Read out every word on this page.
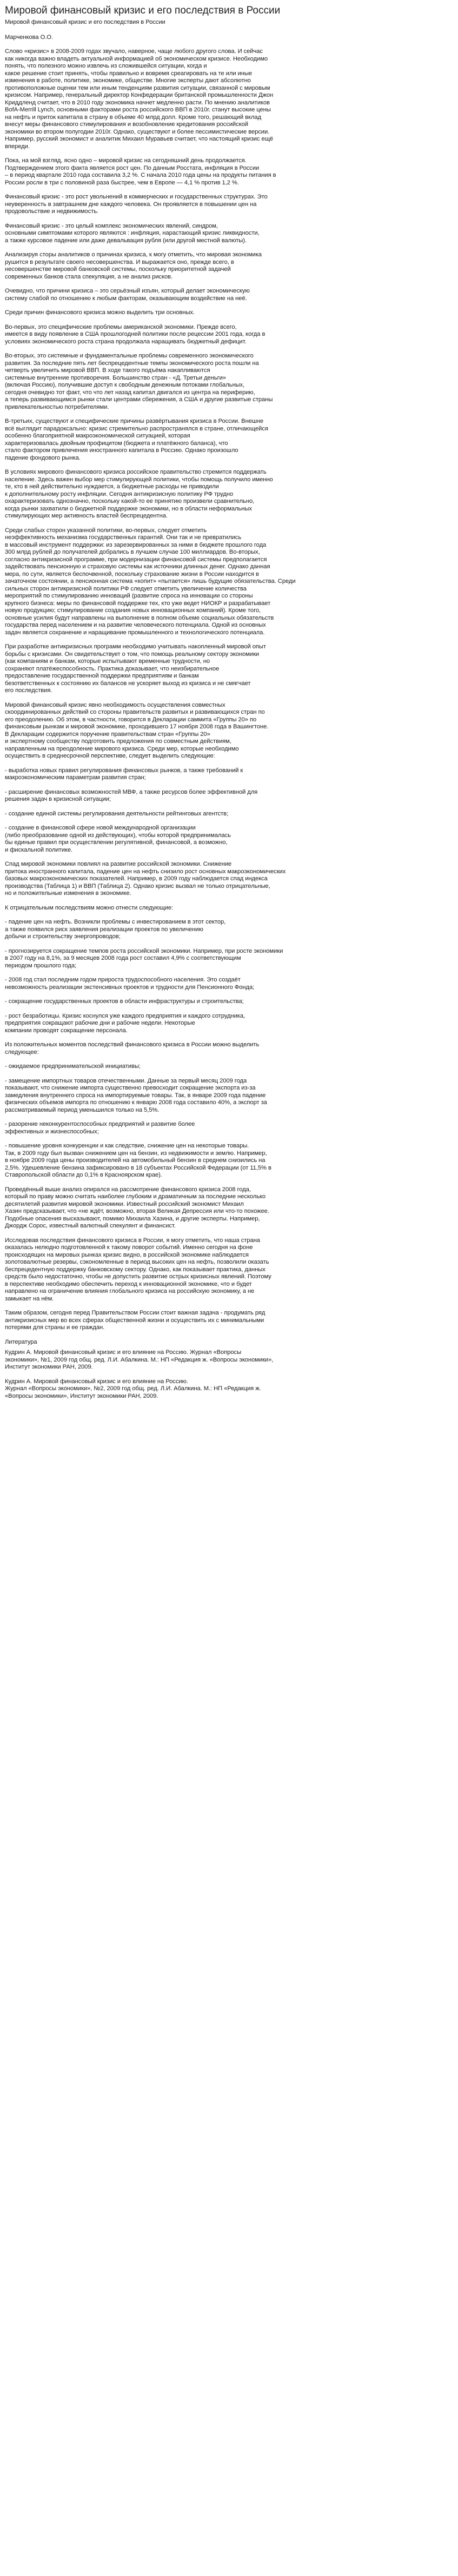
Мировой финансовый кризис и его последствия в России
Мировой финансовый кризис и его последствия в России
Марченкова О.О.
Слово «кризис» в 2008-2009 годах звучало, наверное, чаще любого другого слова. И сейчас
как никогда важно владеть актуальной информацией об экономическом кризисе. Необходимо
понять, что полезного можно извлечь из сложившейся ситуации, когда и
какое решение стоит принять, чтобы правильно и вовремя среагировать на те или иные
изменения в работе, политике, экономике, обществе. Многие эксперты дают абсолютно
противоположные оценки тем или иным тенденциям развития ситуации, связанной с мировым
кризисом. Например, генеральный директор Конфедерации британской промышленности Джон
Криддленд считает, что в 2010 году экономика начнет медленно расти. По мнению аналитиков
BofA-Merrill Lynch, основными факторами роста российского ВВП в 2010г. станут высокие цены
на нефть и приток капитала в страну в объеме 40 млрд долл. Кроме того, решающий вклад
внесут меры финансового стимулирования и возобновление кредитования российской
экономики во втором полугодии 2010г. Однако, существуют и более пессимистические версии.
Например, русский экономист и аналитик Михаил Муравьев считает, что настоящий кризис ещё
впереди.
Пока, на мой взгляд, ясно одно – мировой кризис на сегодняшний день продолжается.
Подтверждением этого факта является рост цен. По данным Росстата, инфляция в России
– в период квартале 2010 года составила 3,2 %. С начала 2010 года цены на продукты питания в
России росли в три с половиной раза быстрее, чем в Европе — 4,1 % против 1,2 %.
Финансовый кризис - это рост увольнений в коммерческих и государственных структурах. Это
неуверенность в завтрашнем дне каждого человека. Он проявляется в повышении цен на
продовольствие и недвижимость.
Финансовый кризис - это целый комплекс экономических явлений, синдром,
основными симптомами которого являются : инфляция, нарастающий кризис ликвидности,
а также курсовое падение или даже девальвация рубля (или другой местной валюты).
Анализируя сторы аналитиков о причинах кризиса, к могу отметить, что мировая экономика
рушится в результате своего несовершенства. И выражается оно, прежде всего, в
несовершенстве мировой банковской системы, поскольку приоритетной задачей
современных банков стала спекуляция, а не анализ рисков.
Очевидно, что причини кризиса – это серьёзный изъян, который делает экономическую
систему слабой по отношению к любым факторам, оказывающим воздействие на неё.
Среди причин финансового кризиса можно выделить три основных.
Во-первых, это специфические проблемы американской экономики. Прежде всего,
имеется в виду появление в США прошлогодней политики после рецессии 2001 года, когда в
условиях экономического роста страна продолжала наращивать бюджетный дефицит.
Во-вторых, это системные и фундаментальные проблемы современного экономического
развития. За последние пять лет беспрецедентные темпы экономического роста пошли на
четверть увеличить мировой ВВП. В ходе такого подъёма накапливаются
системные внутренние противоречия. Большинство стран - «Д. Третьи деньги»
(включая Россию), получившие доступ к свободным денежным потоками глобальных,
сегодня очевидно тот факт, что что лет назад капитал двигался из центра на периферию,
а теперь развивающимся рынки стали центрами сбережения, а США и другие развитые страны
привлекательностью потребителями.
В-третьих, существуют и специфические причины развёртывания кризиса в России. Внешне
всё выглядит парадоксально: кризис стремительно распространялся в стране, отличающейся
особенно благоприятной макроэкономической ситуацией, которая
характеризовалась двойным профицитом (бюджета и платёжного баланса), что
стало фактором привлечения иностранного капитала в Россию. Однако произошло
падение фондового рынка.
В условиях мирового финансового кризиса российское правительство стремится поддержать
население. Здесь важен выбор мер стимулирующей политики, чтобы помощь получило именно
те, кто в ней действительно нуждается, а бюджетные расходы не приводили
к дополнительному росту инфляции. Сегодня антикризисную политику РФ трудно
охарактеризовать однозначно, поскольку какой-то ее принятию произвели сравнительно,
когда рынки захватили о бюджетной поддержке экономики, но в области неформальных
стимулирующих мер активность властей беспрецедентна.
Среди слабых сторон указанной политики, во-первых, следует отметить
неэффективность механизма государственных гарантий. Они так и не превратились
в массовый инструмент поддержки: из зарезервированных за ними в бюджете прошлого года
300 млрд рублей до получателей добрались в лучшем случае 100 миллиардов. Во-вторых,
согласно антикризисной программе, при модернизации финансовой системы предполагается
задействовать пенсионную и страховую системы как источники длинных денег. Однако данная
мера, по сути, является беспочвенной, поскольку страхование жизни в России находится в
зачаточном состоянии, а пенсионная система «копит» «пытается» лишь будущие обязательства. Среди
сильных сторон антикризисной политики РФ следует отметить увеличение количества
мероприятий по стимулированию инноваций (развитие спроса на инновации со стороны
крупного бизнеса: меры по финансовой поддержке тех, кто уже ведет НИОКР и разрабатывает
новую продукцию; стимулирование создания новых инновационных компаний). Кроме того,
основные усилия будут направлены на выполнение в полном объеме социальных обязательств
государства перед населением и на развитие человеческого потенциала. Одной из основных
задач является сохранение и наращивание промышленного и технологического потенциала.
При разработке антикризисных программ необходимо учитывать накопленный мировой опыт
борьбы с кризисами. Он свидетельствует о том, что помощь реальному сектору экономики
(как компаниям и банкам, которые испытывают временные трудности, но
сохраняют платёжеспособность. Практика доказывает, что неизбирательное
предоставление государственной поддержки предприятиям и банкам
безответственных к состоянию их балансов не ускоряет выход из кризиса и не смягчает
его последствия.
Мировой финансовый кризис явно необходимость осуществления совместных
скоординированных действий со стороны правительств развитых и развивающихся стран по
его преодолению. Об этом, в частности, говорится в Декларации саммита «Группы 20» по
финансовым рынкам и мировой экономике, проходившего 17 ноября 2008 года в Вашингтоне.
В Декларации содержится поручение правительствам стран «Группы 20»
и экспертному сообществу подготовить предложения по совместным действиям,
направленным на преодоление мирового кризиса. Среди мер, которые необходимо
осуществить в среднесрочной перспективе, следует выделить следующие:
- выработка новых правил регулирования финансовых рынков, а также требований к
макроэкономическим параметрам развития стран;
- расширение финансовых возможностей МВФ, а также ресурсов более эффективной для
решения задач в кризисной ситуации;
- создание единой системы регулирования деятельности рейтинговых агентств;
- создание в финансовой сфере новой международной организации
(либо преобразование одной из действующих), чтобы которой предпринималась
бы единые правил при осуществлении регулятивной, финансовой, а возможно,
и фискальной политике.
Спад мировой экономики повлиял на развитие российской экономики. Снижение
притока иностранного капитала, падение цен на нефть снизило рост основных макроэкономических
базовых макроэкономических показателей. Например, в 2009 году наблюдается спад индекса
производства (Таблица 1) и ВВП (Таблица 2). Однако кризис вызвал не только отрицательные,
но и положительные изменения в экономике.
К отрицательным последствиям можно отнести следующие:
- падение цен на нефть. Возникли проблемы с инвестированием в этот сектор,
а также появился риск заявления реализации проектов по увеличению
добычи и строительству энергопроводов;
- прогнозируется сокращение темпов роста российской экономики. Например, при росте экономики
в 2007 году на 8,1%, за 9 месяцев 2008 года рост составил 4,9% с соответствующим
периодом прошлого года;
- 2008 год стал последним годом прироста трудоспособного населения. Это создаёт
невозможность реализации экстенсивных проектов и трудности для Пенсионного Фонда;
- сокращение государственных проектов в области инфраструктуры и строительства;
- рост безработицы. Кризис коснулся уже каждого предприятия и каждого сотрудника,
предприятия сокращают рабочие дни и рабочие недели. Некоторые
компании проводят сокращение персонала.
Из положительных моментов последствий финансового кризиса в России можно выделить
следующее:
- ожидаемое предпринимательской инициативы;
- замещение импортных товаров отечественными. Данные за первый месяц 2009 года
показывают, что снижение импорта существенно превосходит сокращение экспорта из-за
замедления внутреннего спроса на импортируемые товары. Так, в январе 2009 года падение
физических объемов импорта по отношению к январю 2008 года составило 40%, а экспорт за
рассматриваемый период уменьшился только на 5,5%.
- разорение неконкурентоспособных предприятий и развитие более
эффективных и жизнеспособных;
- повышение уровня конкуренции и как следствие, снижение цен на некоторые товары.
Так, в 2009 году был вызван снижением цен на бензин, из недвижимости и землю. Например,
в ноябре 2009 года цены производителей на автомобильный бензин в среднем снизились на
2,5%. Удешевление бензина зафиксировано в 18 субъектах Российской Федерации (от 11,5% в
Ставропольской области до 0,1% в Красноярском крае).
Проведённый выше анализ опирался на рассмотрение финансового кризиса 2008 года,
который по праву можно считать наиболее глубоким и драматичным за последние несколько
десятилетий развития мировой экономики. Известный российский экономист Михаил
Хазин предсказывает, что «не ждёт, возможно, вторая Великая Депрессия или что-то похожее.
Подобные опасения высказывают, помимо Михаила Хазина, и другие эксперты. Например,
Джордж Сорос, известный валютный спекулянт и финансист.
Исследовав последствия финансового кризиса в России, я могу отметить, что наша страна
оказалась нелюдно подготовленной к такому поворот событий. Именно сегодня на фоне
происходящих на мировых рынках кризис видно, в российской экономике наблюдается
золотовалютные резервы, сэкономленные в период высоких цен на нефть, позволили оказать
беспрецедентную поддержку банковскому сектору. Однако, как показывает практика, данных
средств было недостаточно, чтобы не допустить развитие острых кризисных явлений. Поэтому
в перспективе необходимо обеспечить переход к инновационной экономике, что и будет
направлено на ограничение влияния глобального кризиса на российскую экономику, а не
замыкает на нём.
Таким образом, сегодня перед Правительством России стоит важная задача - продумать ряд
антикризисных мер во всех сферах общественной жизни и осуществить их с минимальными
потерями для страны и ее граждан.
Литература
Кудрин А. Мировой финансовый кризис и его влияние на Россию. Журнал «Вопросы
экономики», №1, 2009 год общ. ред. Л.И. Абалкина. М.: НП «Редакция ж. «Вопросы экономики»,
Институт экономики РАН, 2009.
Кудрин А. Мировой финансовый кризис и его влияние на Россию.
Журнал «Вопросы экономики», №2, 2009 год общ. ред. Л.И. Абалкина. М.: НП «Редакция ж.
«Вопросы экономики», Институт экономики РАН, 2009.
